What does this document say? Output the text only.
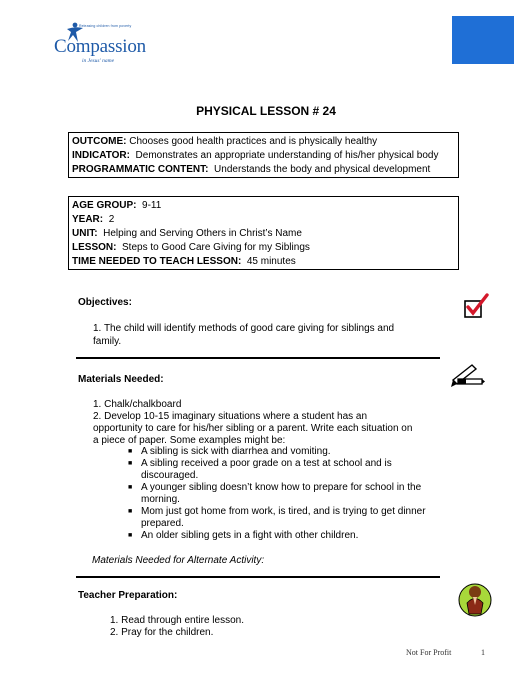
Releasing children from poverty
Compassion
in Jesus' name
PHYSICAL LESSON # 24
OUTCOME: Chooses good health practices and is physically healthy
INDICATOR: Demonstrates an appropriate understanding of his/her physical body
PROGRAMMATIC CONTENT: Understands the body and physical development
AGE GROUP: 9-11
YEAR: 2
UNIT: Helping and Serving Others in Christ’s Name
LESSON: Steps to Good Care Giving for my Siblings
TIME NEEDED TO TEACH LESSON: 45 minutes
Objectives:
1. The child will identify methods of good care giving for siblings and
family.
Materials Needed:
1. Chalk/chalkboard
2. Develop 10-15 imaginary situations where a student has an
opportunity to care for his/her sibling or a parent. Write each situation on
a piece of paper. Some examples might be:
■ A sibling is sick with diarrhea and vomiting.
■ A sibling received a poor grade on a test at school and is
discouraged.
■ A younger sibling doesn’t know how to prepare for school in the
morning.
■ Mom just got home from work, is tired, and is trying to get dinner
prepared.
■ An older sibling gets in a fight with other children.
Materials Needed for Alternate Activity:
Teacher Preparation:
1. Read through entire lesson.
2. Pray for the children.
Not For Profit	1
